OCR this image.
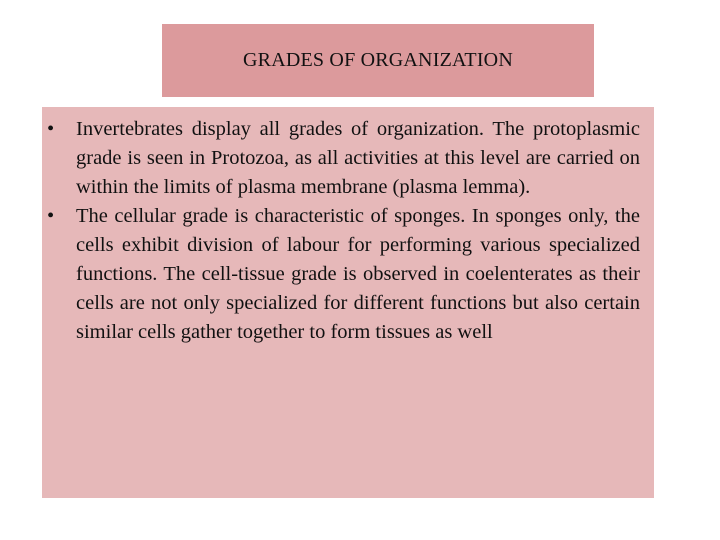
GRADES OF ORGANIZATION
• Invertebrates display all grades of organization. The protoplasmic grade is seen in Protozoa, as all activities at this level are carried on within the limits of plasma membrane (plasma lemma).
• The cellular grade is characteristic of sponges. In sponges only, the cells exhibit division of labour for performing various specialized functions. The cell-tissue grade is observed in coelenterates as their cells are not only specialized for different functions but also certain similar cells gather together to form tissues as well
